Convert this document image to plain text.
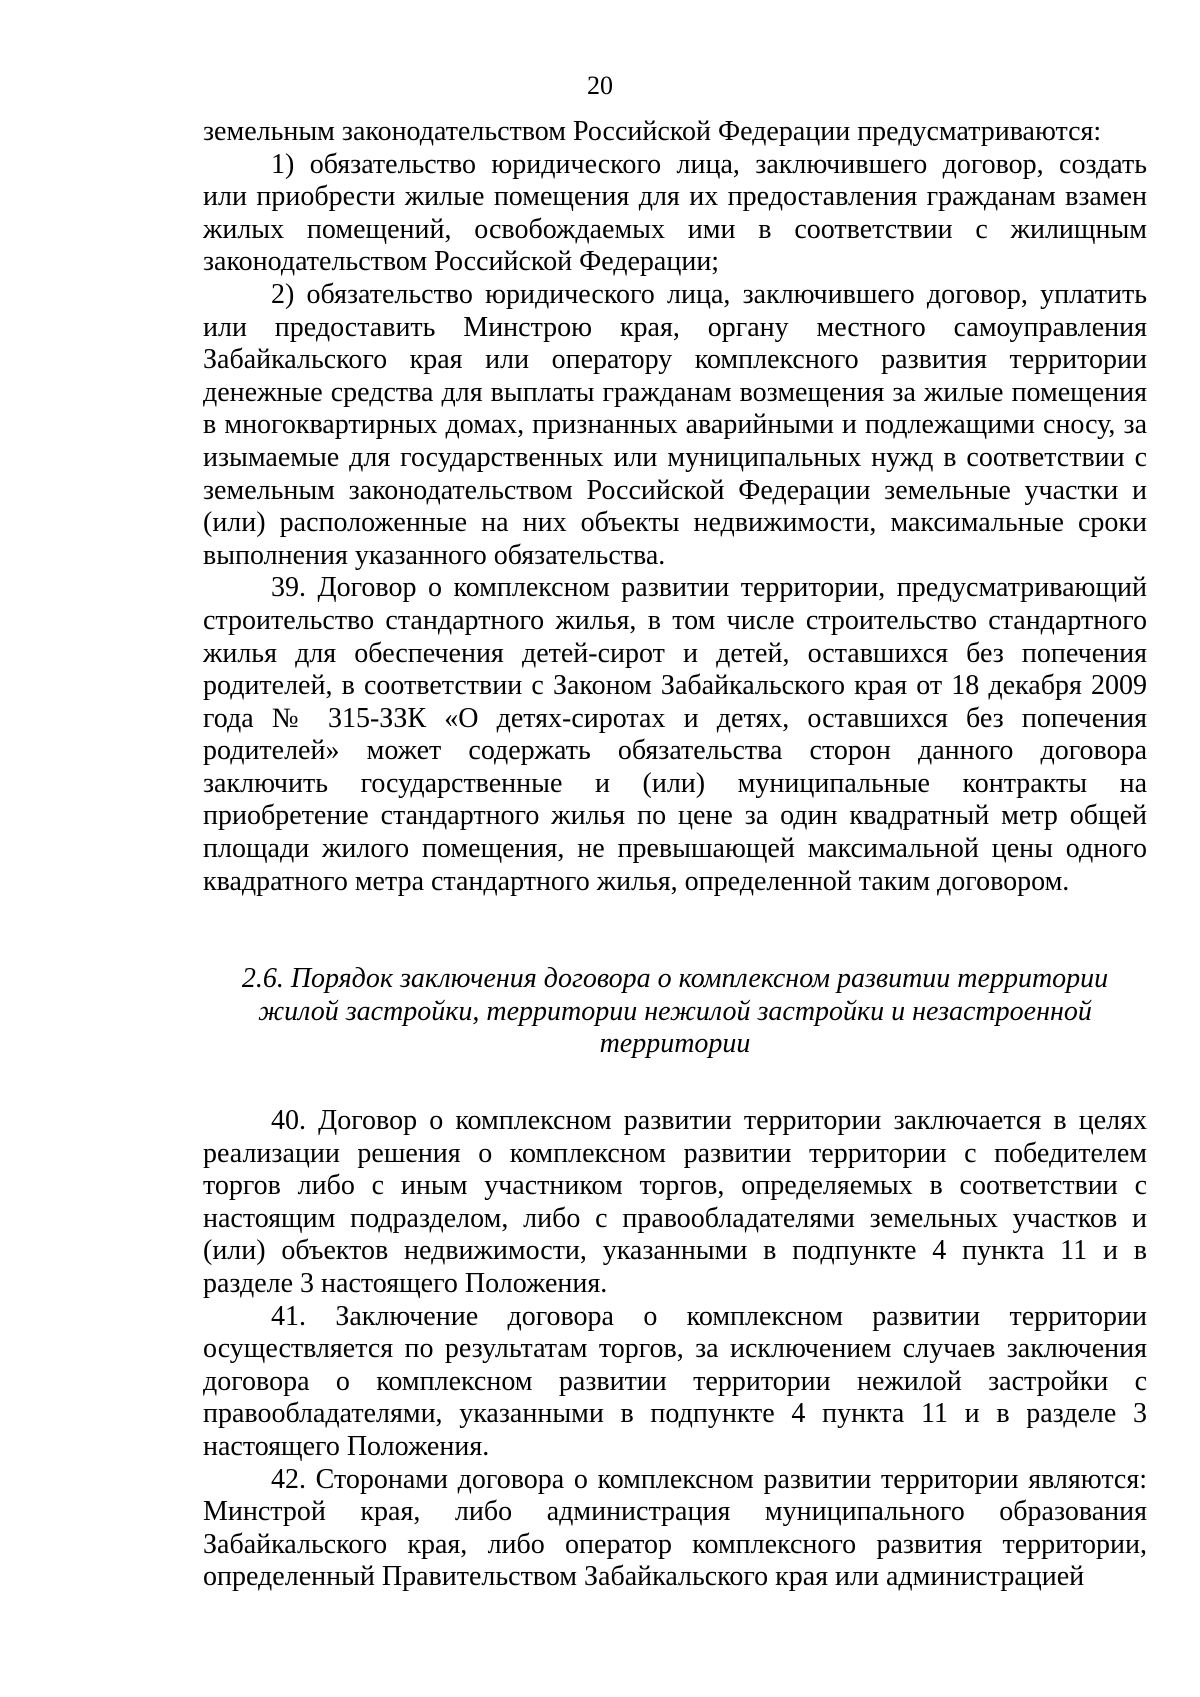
20

земельным законодательством Российской Федерации предусматриваются:

1) обязательство юридического лица, заключившего договор, создать или приобрести жилые помещения для их предоставления гражданам взамен жилых помещений, освобождаемых ими в соответствии с жилищным законодательством Российской Федерации;

2) обязательство юридического лица, заключившего договор, уплатить или предоставить Минстрою края, органу местного самоуправления Забайкальского края или оператору комплексного развития территории денежные средства для выплаты гражданам возмещения за жилые помещения в многоквартирных домах, признанных аварийными и подлежащими сносу, за изымаемые для государственных или муниципальных нужд в соответствии с земельным законодательством Российской Федерации земельные участки и (или) расположенные на них объекты недвижимости, максимальные сроки выполнения указанного обязательства.

39. Договор о комплексном развитии территории, предусматривающий строительство стандартного жилья, в том числе строительство стандартного жилья для обеспечения детей-сирот и детей, оставшихся без попечения родителей, в соответствии с Законом Забайкальского края от 18 декабря 2009 года № 315-ЗЗК «О детях-сиротах и детях, оставшихся без попечения родителей» может содержать обязательства сторон данного договора заключить государственные и (или) муниципальные контракты на приобретение стандартного жилья по цене за один квадратный метр общей площади жилого помещения, не превышающей максимальной цены одного квадратного метра стандартного жилья, определенной таким договором.

2.6. Порядок заключения договора о комплексном развитии территории

жилой застройки, территории нежилой застройки и незастроенной

территории

40. Договор о комплексном развитии территории заключается в целях реализации решения о комплексном развитии территории с победителем торгов либо с иным участником торгов, определяемых в соответствии с настоящим подразделом, либо с правообладателями земельных участков и (или) объектов недвижимости, указанными в подпункте 4 пункта 11 и в разделе 3 настоящего Положения.

41. Заключение договора о комплексном развитии территории осуществляется по результатам торгов, за исключением случаев заключения договора о комплексном развитии территории нежилой застройки с правообладателями, указанными в подпункте 4 пункта 11 и в разделе 3 настоящего Положения.

42. Сторонами договора о комплексном развитии территории являются: Минстрой края, либо администрация муниципального образования Забайкальского края, либо оператор комплексного развития территории, определенный Правительством Забайкальского края или администрацией
